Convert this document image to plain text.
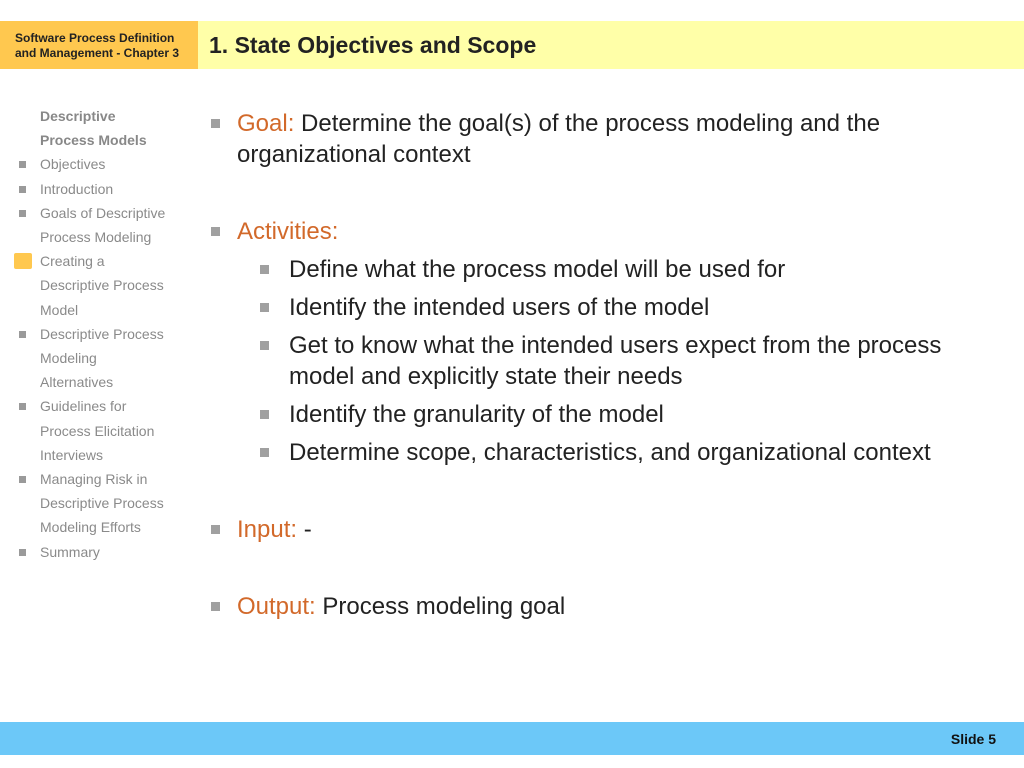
Software Process Definition
and Management - Chapter 3	1. State Objectives and Scope
Descriptive
Process Models
Objectives
Introduction
Goals of Descriptive
Process Modeling
Creating a
Descriptive Process
Model
Descriptive Process
Modeling
Alternatives
Guidelines for
Process Elicitation
Interviews
Managing Risk in
Descriptive Process
Modeling Efforts
Summary
Goal: Determine the goal(s) of the process modeling and the
organizational context
Activities:
Define what the process model will be used for
Identify the intended users of the model
Get to know what the intended users expect from the process
model and explicitly state their needs
Identify the granularity of the model
Determine scope, characteristics, and organizational context
Input: -
Output: Process modeling goal
Slide 5
